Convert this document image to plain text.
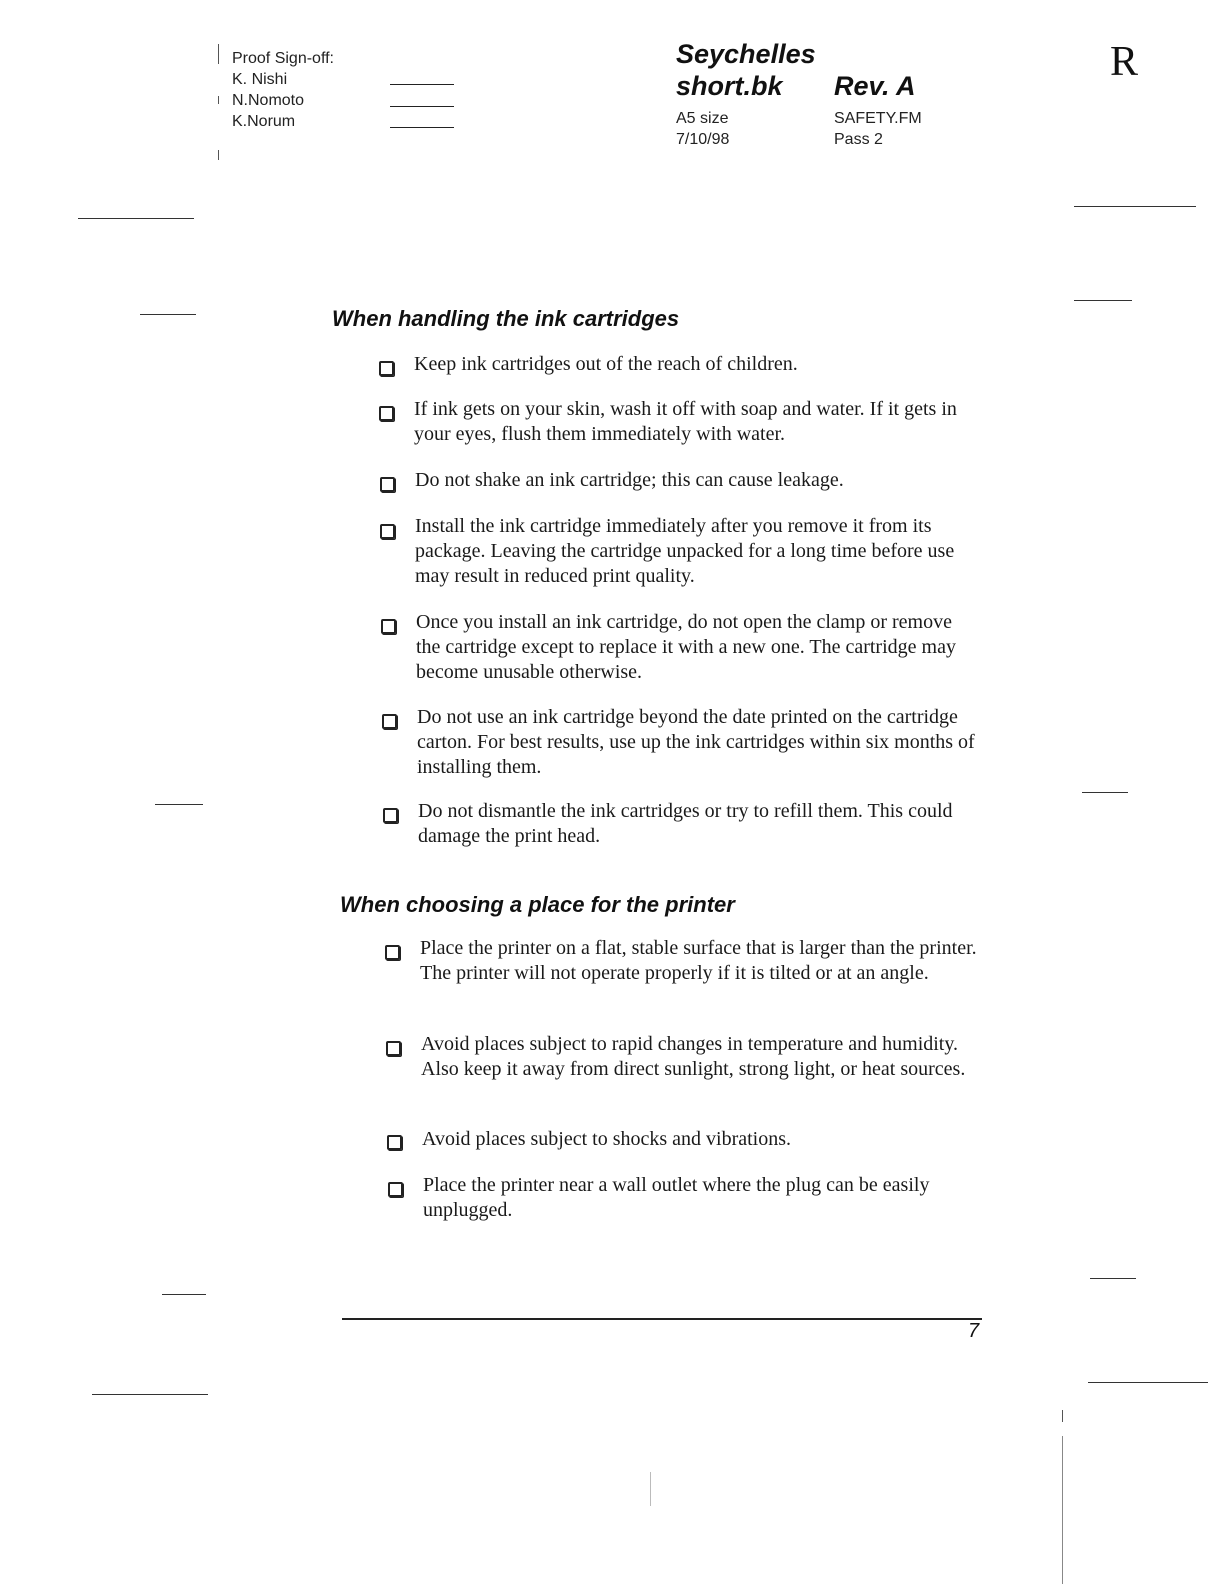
Proof Sign-off:
K. Nishi
N.Nomoto
K.Norum
Seychelles
short.bk	Rev. A
A5 size
7/10/98
SAFETY.FM
Pass 2
R
When handling the ink cartridges
Keep ink cartridges out of the reach of children.
If ink gets on your skin, wash it off with soap and water. If it gets in your eyes, flush them immediately with water.
Do not shake an ink cartridge; this can cause leakage.
Install the ink cartridge immediately after you remove it from its package. Leaving the cartridge unpacked for a long time before use may result in reduced print quality.
Once you install an ink cartridge, do not open the clamp or remove the cartridge except to replace it with a new one. The cartridge may become unusable otherwise.
Do not use an ink cartridge beyond the date printed on the cartridge carton. For best results, use up the ink cartridges within six months of installing them.
Do not dismantle the ink cartridges or try to refill them. This could damage the print head.
When choosing a place for the printer
Place the printer on a flat, stable surface that is larger than the printer. The printer will not operate properly if it is tilted or at an angle.
Avoid places subject to rapid changes in temperature and humidity. Also keep it away from direct sunlight, strong light, or heat sources.
Avoid places subject to shocks and vibrations.
Place the printer near a wall outlet where the plug can be easily unplugged.
7
